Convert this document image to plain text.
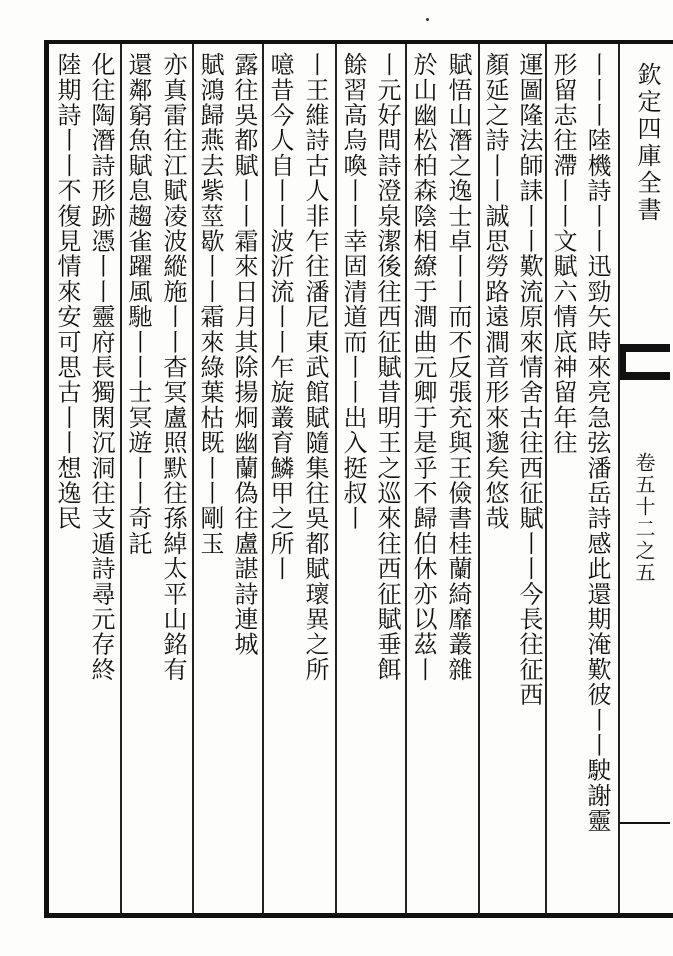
欽定四庫全書
卷五十二之五
丨丨丨陸機詩丨丨迅勁矢時來亮急弦潘岳詩感此還期淹歎彼丨丨駛謝靈
形留志往滯丨丨文賦六情底神留年往
運圖隆法師誄丨丨歎流原來情舍古往西征賦丨丨今長往征西
顏延之詩丨丨誠思勞路遠澗音形來邈矣悠哉
賦悟山潛之逸士卓丨丨而不反張充與王儉書桂蘭綺靡叢雜
於山幽松柏森陰相繚于澗曲元卿于是乎不歸伯休亦以茲丨
丨元好問詩澄泉潔後往西征賦昔明王之巡來往西征賦垂餌
餘習高烏喚丨丨幸固清道而丨丨出入挺叔丨
丨王維詩古人非乍往潘尼東武館賦隨集往吳都賦瓌異之所
噫昔今人自丨丨波沂流丨丨乍旋叢育鱗甲之所丨
露往吳都賦丨丨霜來日月其除揚炯幽蘭偽往盧諶詩連城
賦鴻歸燕去紫莖歇丨丨霜來綠葉枯既丨丨剛玉
亦真雷往江賦凌波縱施丨丨杳冥盧照默往孫綽太平山銘有
還鄰窮魚賦息趨雀躍風馳丨丨士冥遊丨丨奇託
化往陶潛詩形跡憑丨丨靈府長獨閑沉洞往支遁詩尋元存終
陸期詩丨丨不復見情來安可思古丨丨想逸民
